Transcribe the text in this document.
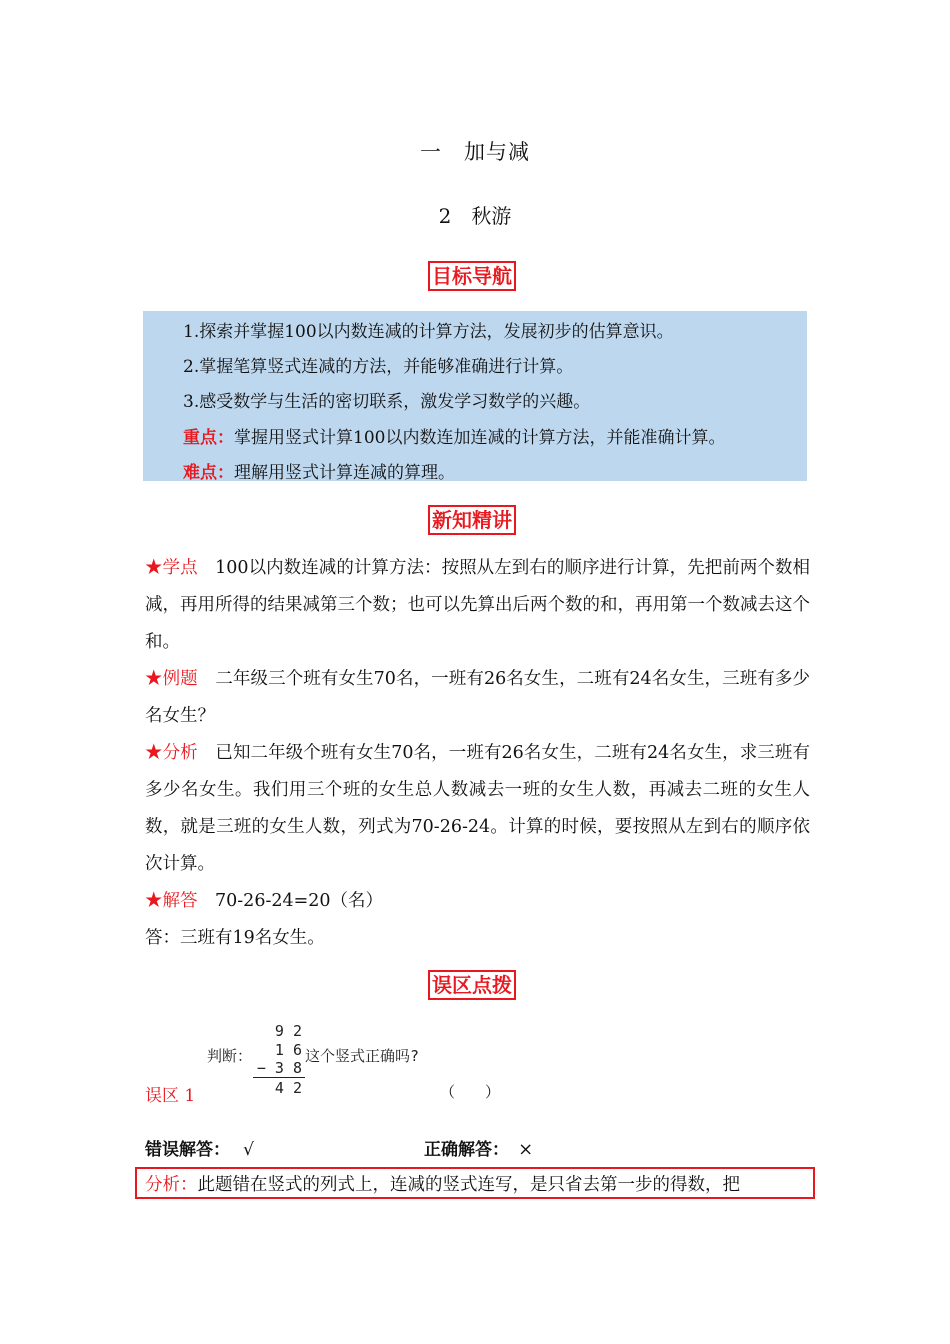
一　加与减
2　秋游
目标导航
1.探索并掌握100以内数连减的计算方法，发展初步的估算意识。
2.掌握笔算竖式连减的方法，并能够准确进行计算。
3.感受数学与生活的密切联系，激发学习数学的兴趣。
重点：掌握用竖式计算100以内数连加连减的计算方法，并能准确计算。
难点：理解用竖式计算连减的算理。
新知精讲
★学点  100以内数连减的计算方法：按照从左到右的顺序进行计算，先把前两个数相减，再用所得的结果减第三个数；也可以先算出后两个数的和，再用第一个数减去这个和。
★例题  二年级三个班有女生70名，一班有26名女生，二班有24名女生，三班有多少名女生？
★分析  已知二年级个班有女生70名，一班有26名女生，二班有24名女生，求三班有多少名女生。我们用三个班的女生总人数减去一班的女生人数，再减去二班的女生人数，就是三班的女生人数，列式为70-26-24。计算的时候，要按照从左到右的顺序依次计算。
★解答  70-26-24=20（名）
答：三班有19名女生。
误区点拨
判断：
9 2
1 6
− 3 8
4 2
这个竖式正确吗?
误区 1	（　　）
错误解答： √	正确解答： ×
分析：此题错在竖式的列式上，连减的竖式连写，是只省去第一步的得数，把
